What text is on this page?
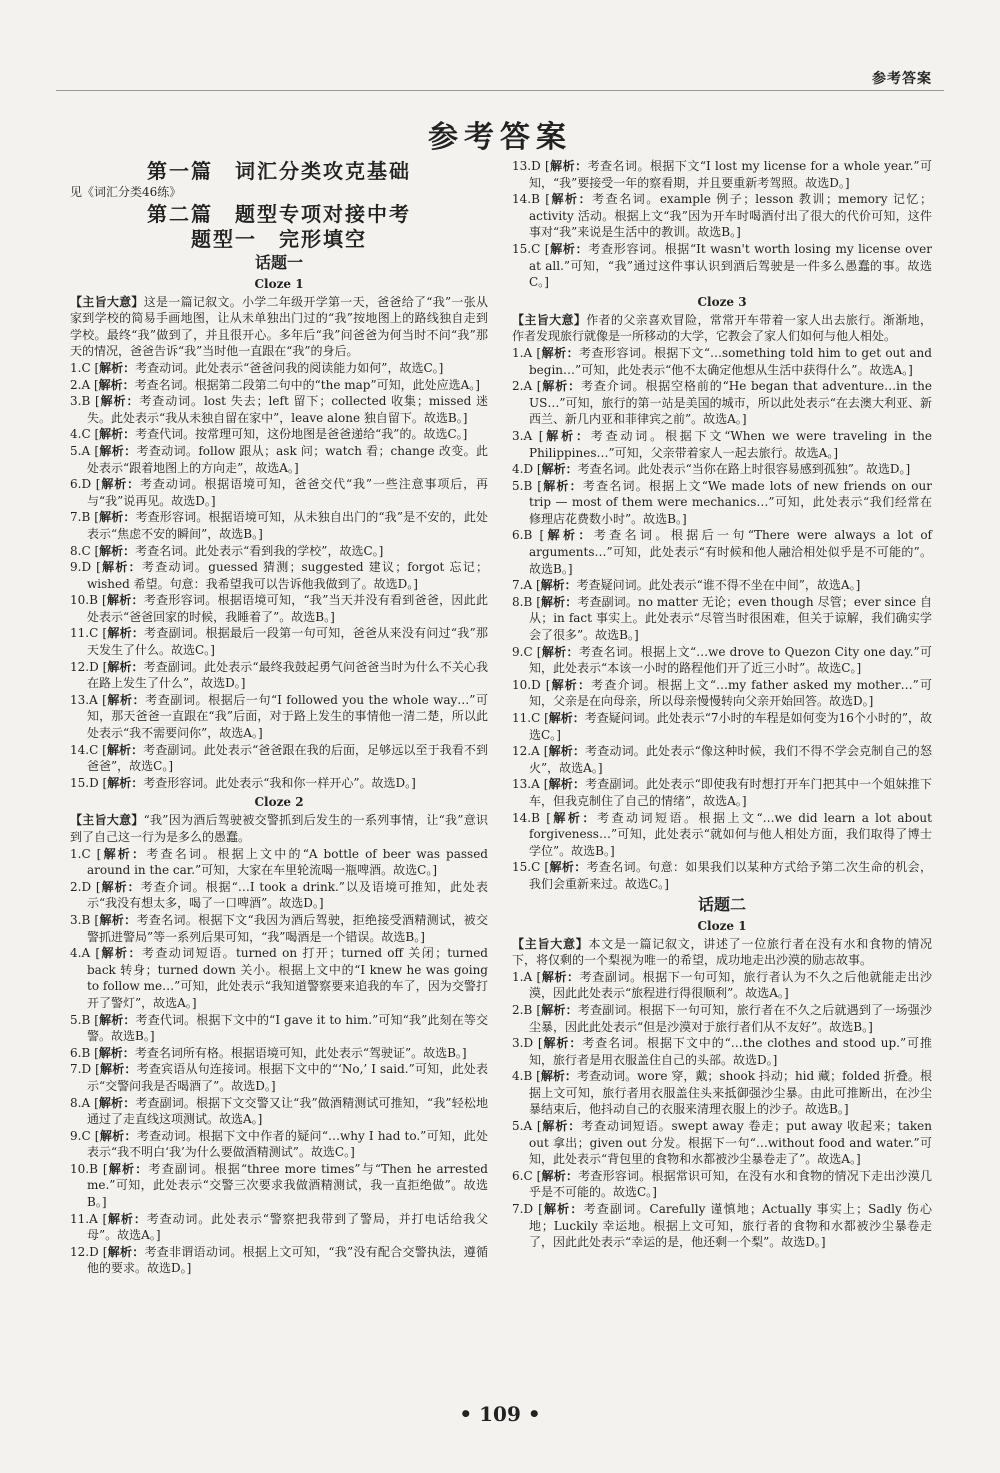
参考答案
参考答案
第一篇　词汇分类攻克基础
见《词汇分类46练》
第二篇　题型专项对接中考
题型一　完形填空
话题一
Cloze 1

【主旨大意】这是一篇记叙文。小学二年级开学第一天，爸爸给了“我”一张从家到学校的简易手画地图，让从未单独出门过的“我”按地图上的路线独自走到学校。最终“我”做到了，并且很开心。多年后“我”问爸爸为何当时不问“我”那天的情况，爸爸告诉“我”当时他一直跟在“我”的身后。

1.C [解析：考查动词。此处表示“爸爸问我的阅读能力如何”，故选C。]

2.A [解析：考查名词。根据第二段第二句中的“the map”可知，此处应选A。]

3.B [解析：考查动词。lost 失去；left 留下；collected 收集；missed 迷失。此处表示“我从未独自留在家中”，leave alone 独自留下。故选B。]

4.C [解析：考查代词。按常理可知，这份地图是爸爸递给“我”的。故选C。]

5.A [解析：考查动词。follow 跟从；ask 问；watch 看；change 改变。此处表示“跟着地图上的方向走”，故选A。]

6.D [解析：考查动词。根据语境可知，爸爸交代“我”一些注意事项后，再与“我”说再见。故选D。]

7.B [解析：考查形容词。根据语境可知，从未独自出门的“我”是不安的，此处表示“焦虑不安的瞬间”，故选B。]

8.C [解析：考查名词。此处表示“看到我的学校”，故选C。]

9.D [解析：考查动词。guessed 猜测；suggested 建议；forgot 忘记；wished 希望。句意：我希望我可以告诉他我做到了。故选D。]

10.B [解析：考查形容词。根据语境可知，“我”当天并没有看到爸爸，因此此处表示“爸爸回家的时候，我睡着了”。故选B。]

11.C [解析：考查副词。根据最后一段第一句可知，爸爸从来没有问过“我”那天发生了什么。故选C。]

12.D [解析：考查副词。此处表示“最终我鼓起勇气问爸爸当时为什么不关心我在路上发生了什么”，故选D。]

13.A [解析：考查副词。根据后一句“I followed you the whole way…”可知，那天爸爸一直跟在“我”后面，对于路上发生的事情他一清二楚，所以此处表示“我不需要问你”，故选A。]

14.C [解析：考查副词。此处表示“爸爸跟在我的后面，足够远以至于我看不到爸爸”，故选C。]

15.D [解析：考查形容词。此处表示“我和你一样开心”。故选D。]

Cloze 2

【主旨大意】“我”因为酒后驾驶被交警抓到后发生的一系列事情，让“我”意识到了自己这一行为是多么的愚蠢。

1.C [解析：考查名词。根据上文中的“A bottle of beer was passed around in the car.”可知，大家在车里轮流喝一瓶啤酒。故选C。]

2.D [解析：考查介词。根据“…I took a drink.”以及语境可推知，此处表示“我没有想太多，喝了一口啤酒”。故选D。]

3.B [解析：考查名词。根据下文“我因为酒后驾驶，拒绝接受酒精测试，被交警抓进警局”等一系列后果可知，“我”喝酒是一个错误。故选B。]

4.A [解析：考查动词短语。turned on 打开；turned off 关闭；turned back 转身；turned down 关小。根据上文中的“I knew he was going to follow me…”可知，此处表示“我知道警察要来追我的车了，因为交警打开了警灯”，故选A。]

5.B [解析：考查代词。根据下文中的“I gave it to him.”可知“我”此刻在等交警。故选B。]

6.B [解析：考查名词所有格。根据语境可知，此处表示“驾驶证”。故选B。]

7.D [解析：考查宾语从句连接词。根据下文中的“‘No,’ I said.”可知，此处表示“交警问我是否喝酒了”。故选D。]

8.A [解析：考查副词。根据下文交警又让“我”做酒精测试可推知，“我”轻松地通过了走直线这项测试。故选A。]

9.C [解析：考查动词。根据下文中作者的疑问“…why I had to.”可知，此处表示“我不明白‘我’为什么要做酒精测试”。故选C。]

10.B [解析：考查副词。根据“three more times”与“Then he arrested me.”可知，此处表示“交警三次要求我做酒精测试，我一直拒绝做”。故选B。]

11.A [解析：考查动词。此处表示“警察把我带到了警局，并打电话给我父母”。故选A。]

12.D [解析：考查非谓语动词。根据上文可知，“我”没有配合交警执法，遵循他的要求。故选D。]

13.D [解析：考查名词。根据下文“I lost my license for a whole year.”可知，“我”要接受一年的察看期，并且要重新考驾照。故选D。]

14.B [解析：考查名词。example 例子；lesson 教训；memory 记忆；activity 活动。根据上文“我”因为开车时喝酒付出了很大的代价可知，这件事对“我”来说是生活中的教训。故选B。]

15.C [解析：考查形容词。根据“It wasn't worth losing my license over at all.”可知，“我”通过这件事认识到酒后驾驶是一件多么愚蠢的事。故选C。]

Cloze 3

【主旨大意】作者的父亲喜欢冒险，常常开车带着一家人出去旅行。渐渐地，作者发现旅行就像是一所移动的大学，它教会了家人们如何与他人相处。

1.A [解析：考查形容词。根据下文“…something told him to get out and begin…”可知，此处表示“他不太确定他想从生活中获得什么”。故选A。]

2.A [解析：考查介词。根据空格前的“He began that adventure…in the US…”可知，旅行的第一站是美国的城市，所以此处表示“在去澳大利亚、新西兰、新几内亚和菲律宾之前”。故选A。]

3.A [解析：考查动词。根据下文“When we were traveling in the Philippines…”可知，父亲带着家人一起去旅行。故选A。]

4.D [解析：考查名词。此处表示“当你在路上时很容易感到孤独”。故选D。]

5.B [解析：考查名词。根据上文“We made lots of new friends on our trip — most of them were mechanics…”可知，此处表示“我们经常在修理店花费数小时”。故选B。]

6.B [解析：考查名词。根据后一句“There were always a lot of arguments…”可知，此处表示“有时候和他人融洽相处似乎是不可能的”。故选B。]

7.A [解析：考查疑问词。此处表示“谁不得不坐在中间”，故选A。]

8.B [解析：考查副词。no matter 无论；even though 尽管；ever since 自从；in fact 事实上。此处表示“尽管当时很困难，但关于谅解，我们确实学会了很多”。故选B。]

9.C [解析：考查名词。根据上文“…we drove to Quezon City one day.”可知，此处表示“本该一小时的路程他们开了近三小时”。故选C。]

10.D [解析：考查介词。根据上文“…my father asked my mother…”可知，父亲是在向母亲，所以母亲慢慢转向父亲开始回答。故选D。]

11.C [解析：考查疑问词。此处表示“7小时的车程是如何变为16个小时的”，故选C。]

12.A [解析：考查动词。此处表示“像这种时候，我们不得不学会克制自己的怒火”，故选A。]

13.A [解析：考查副词。此处表示“即使我有时想打开车门把其中一个姐妹推下车，但我克制住了自己的情绪”，故选A。]

14.B [解析：考查动词短语。根据上文“…we did learn a lot about forgiveness…”可知，此处表示“就如何与他人相处方面，我们取得了博士学位”。故选B。]

15.C [解析：考查名词。句意：如果我们以某种方式给予第二次生命的机会，我们会重新来过。故选C。]

话题二
Cloze 1

【主旨大意】本文是一篇记叙文，讲述了一位旅行者在没有水和食物的情况下，将仅剩的一个梨视为唯一的希望，成功地走出沙漠的励志故事。

1.A [解析：考查副词。根据下一句可知，旅行者认为不久之后他就能走出沙漠，因此此处表示“旅程进行得很顺利”。故选A。]

2.B [解析：考查副词。根据下一句可知，旅行者在不久之后就遇到了一场强沙尘暴，因此此处表示“但是沙漠对于旅行者们从不友好”。故选B。]

3.D [解析：考查名词。根据下文中的“…the clothes and stood up.”可推知，旅行者是用衣服盖住自己的头部。故选D。]

4.B [解析：考查动词。wore 穿，戴；shook 抖动；hid 藏；folded 折叠。根据上文可知，旅行者用衣服盖住头来抵御强沙尘暴。由此可推断出，在沙尘暴结束后，他抖动自己的衣服来清理衣服上的沙子。故选B。]

5.A [解析：考查动词短语。swept away 卷走；put away 收起来；taken out 拿出；given out 分发。根据下一句“…without food and water.”可知，此处表示“背包里的食物和水都被沙尘暴卷走了”。故选A。]

6.C [解析：考查形容词。根据常识可知，在没有水和食物的情况下走出沙漠几乎是不可能的。故选C。]

7.D [解析：考查副词。Carefully 谨慎地；Actually 事实上；Sadly 伤心地；Luckily 幸运地。根据上文可知，旅行者的食物和水都被沙尘暴卷走了，因此此处表示“幸运的是，他还剩一个梨”。故选D。]

• 109 •
